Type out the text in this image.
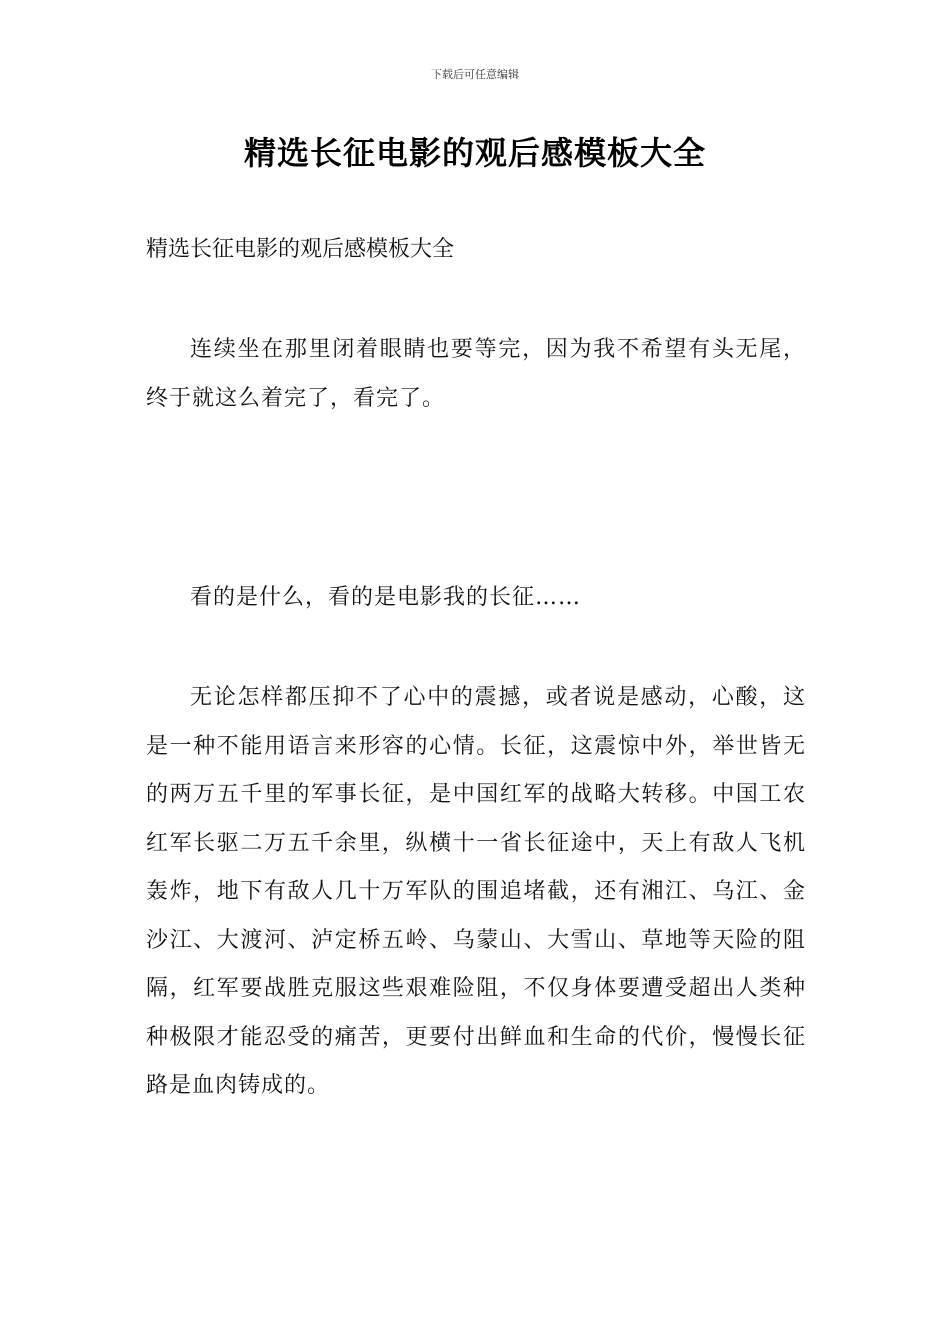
下载后可任意编辑
精选长征电影的观后感模板大全

精选长征电影的观后感模板大全

连续坐在那里闭着眼睛也要等完，因为我不希望有头无尾，终于就这么着完了，看完了。

看的是什么，看的是电影我的长征……

无论怎样都压抑不了心中的震撼，或者说是感动，心酸，这是一种不能用语言来形容的心情。长征，这震惊中外，举世皆无的两万五千里的军事长征，是中国红军的战略大转移。中国工农红军长驱二万五千余里，纵横十一省长征途中，天上有敌人飞机轰炸，地下有敌人几十万军队的围追堵截，还有湘江、乌江、金沙江、大渡河、泸定桥五岭、乌蒙山、大雪山、草地等天险的阻隔，红军要战胜克服这些艰难险阻，不仅身体要遭受超出人类种种极限才能忍受的痛苦，更要付出鲜血和生命的代价，慢慢长征路是血肉铸成的。
